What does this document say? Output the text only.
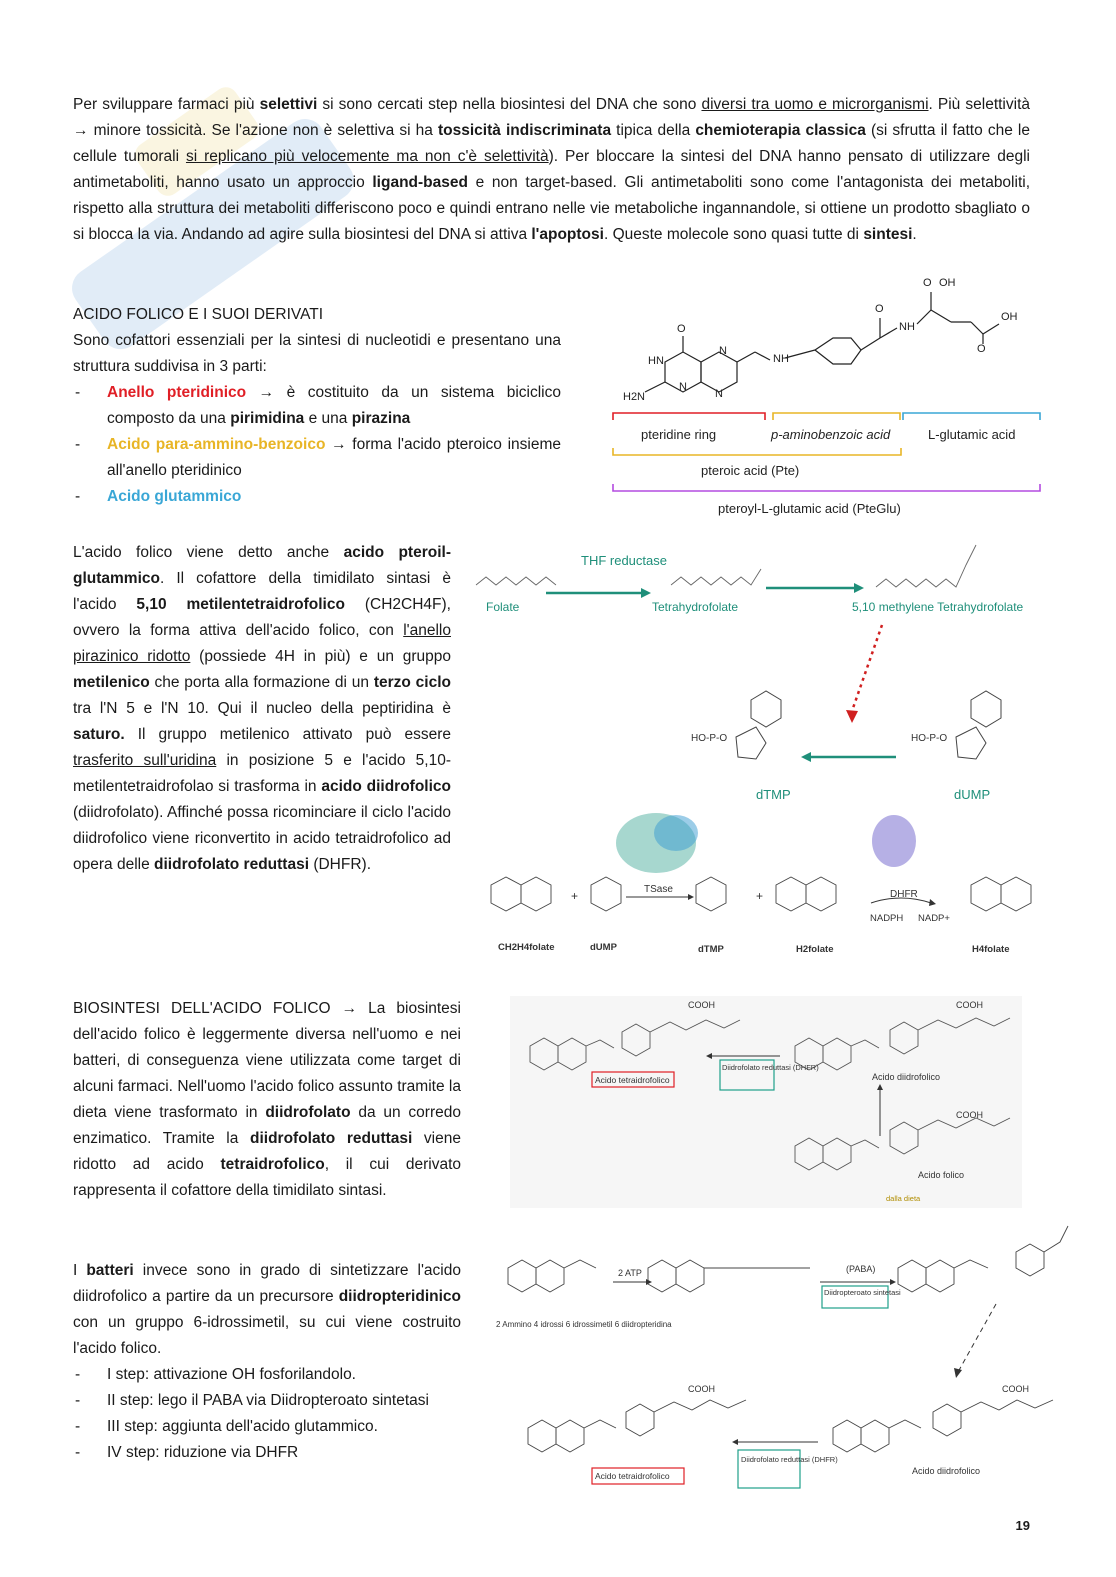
Per sviluppare farmaci più selettivi si sono cercati step nella biosintesi del DNA che sono diversi tra uomo e microrganismi. Più selettività → minore tossicità. Se l'azione non è selettiva si ha tossicità indiscriminata tipica della chemioterapia classica (si sfrutta il fatto che le cellule tumorali si replicano più velocemente ma non c'è selettività). Per bloccare la sintesi del DNA hanno pensato di utilizzare degli antimetaboliti, hanno usato un approccio ligand-based e non target-based. Gli antimetaboliti sono come l'antagonista dei metaboliti, rispetto alla struttura dei metaboliti differiscono poco e quindi entrano nelle vie metaboliche ingannandole, si ottiene un prodotto sbagliato o si blocca la via. Andando ad agire sulla biosintesi del DNA si attiva l'apoptosi. Queste molecole sono quasi tutte di sintesi.
ACIDO FOLICO E I SUOI DERIVATI
Sono cofattori essenziali per la sintesi di nucleotidi e presentano una struttura suddivisa in 3 parti:
- Anello pteridinico → è costituito da un sistema biciclico composto da una pirimidina e una pirazina
- Acido para-ammino-benzoico → forma l'acido pteroico insieme all'anello pteridinico
- Acido glutammico
O
HN
H2N
N
N
N
NH
O
NH
O OH
O
OH
pteridine ring	p-aminobenzoic acid	L-glutamic acid
pteroic acid (Pte)
pteroyl-L-glutamic acid (PteGlu)
L'acido folico viene detto anche acido pteroil-glutammico. Il cofattore della timidilato sintasi è l'acido 5,10 metilentetraidrofolico (CH2CH4F), ovvero la forma attiva dell'acido folico, con l'anello pirazinico ridotto (possiede 4H in più) e un gruppo metilenico che porta alla formazione di un terzo ciclo tra l'N 5 e l'N 10. Qui il nucleo della peptiridina è saturo. Il gruppo metilenico attivato può essere trasferito sull'uridina in posizione 5 e l'acido 5,10-metilentetraidrofolao si trasforma in acido diidrofolico (diidrofolato). Affinché possa ricominciare il ciclo l'acido diidrofolico viene riconvertito in acido tetraidrofolico ad opera delle diidrofolato reduttasi (DHFR).
Folate
THF reductase
Tetrahydrofolate	5,10 methylene Tetrahydrofolate
HO-P-O	HO-P-O
dTMP	dUMP
+	+
TSase	DHFR
NADPH NADP+
CH2H4folate	dUMP	dTMP	H2folate	H4folate
BIOSINTESI DELL'ACIDO FOLICO → La biosintesi dell'acido folico è leggermente diversa nell'uomo e nei batteri, di conseguenza viene utilizzata come target di alcuni farmaci. Nell'uomo l'acido folico assunto tramite la dieta viene trasformato in diidrofolato da un corredo enzimatico. Tramite la diidrofolato reduttasi viene ridotto ad acido tetraidrofolico, il cui derivato rappresenta il cofattore della timidilato sintasi.
COOH	COOH
COOH
Acido tetraidrofolico
Diidrofolato reduttasi (DHFR)
Acido diidrofolico
Acido folico
dalla dieta
I batteri invece sono in grado di sintetizzare l'acido diidrofolico a partire da un precursore diidropteridinico con un gruppo 6-idrossimetil, su cui viene costruito l'acido folico.
- I step: attivazione OH fosforilandolo.
- II step: lego il PABA via Diidropteroato sintetasi
- III step: aggiunta dell'acido glutammico.
- IV step: riduzione via DHFR
2 ATP	(PABA)
Diidropteroato sintetasi
2 Ammino 4 idrossi 6 idrossimetil 6 diidropteridina
COOH	COOH
Acido tetraidrofolico
Diidrofolato reduttasi (DHFR)
Acido diidrofolico
19
